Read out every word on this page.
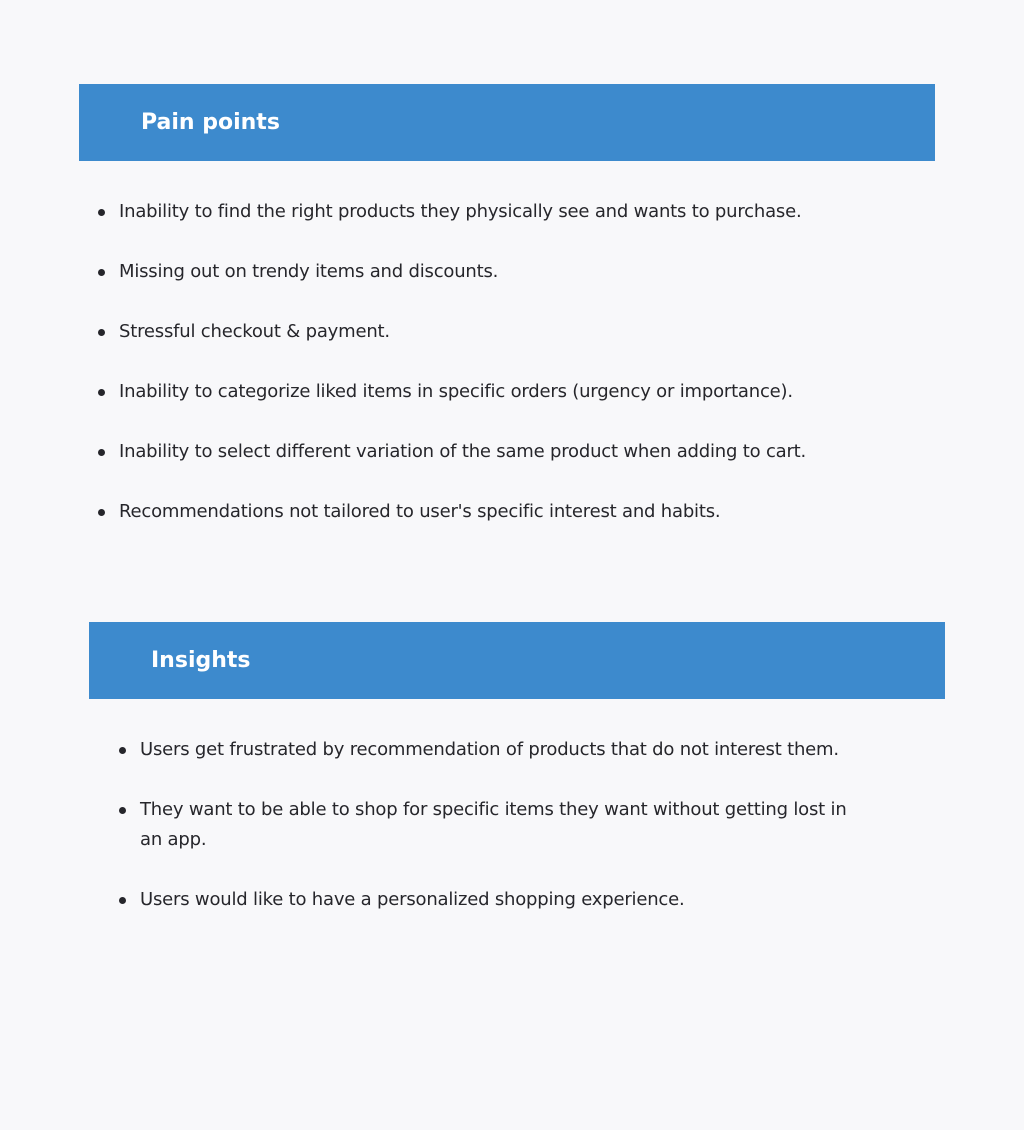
Pain points
Inability to find the right products they physically see and wants to purchase.
Missing out on trendy items and discounts.
Stressful checkout & payment.
Inability to categorize liked items in specific orders (urgency or importance).
Inability to select different variation of the same product when adding to cart.
Recommendations not tailored to user's specific interest and habits.
Insights
Users get frustrated by recommendation of products that do not interest them.
They want to be able to shop for specific items they want without getting lost in an app.
Users would like to have a personalized shopping experience.
